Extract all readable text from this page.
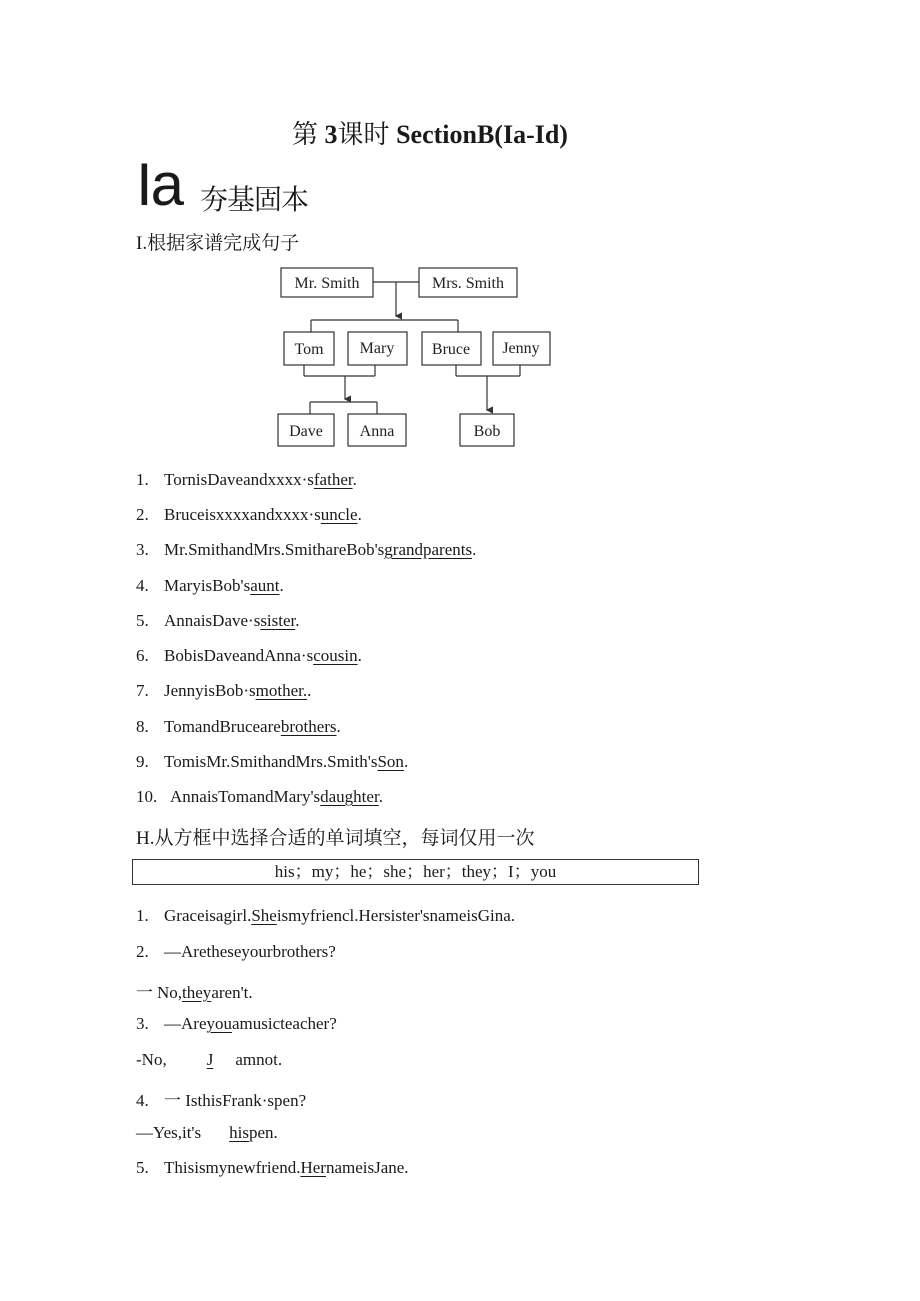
第 3课时 SectionB(Ia-Id)
Ia 夯基固本
I.根据家谱完成句子
Mr. Smith	Mrs. Smith
Tom Mary Bruce Jenny
Dave Anna	Bob
1. TornisDaveandxxxx·sfather.
2. Bruceisxxxxandxxxx·suncle.
3. Mr.SmithandMrs.SmithareBob'sgrandparents.
4. MaryisBob'saunt.
5. AnnaisDave·ssister.
6. BobisDaveandAnna·scousin.
7. JennyisBob·smother..
8. TomandBrucearebrothers.
9. TomisMr.SmithandMrs.Smith'sSon.
10. AnnaisTomandMary'sdaughter.
H.从方框中选择合适的单词填空，每词仅用一次
his；my；he；she；her；they；I；you
1. Graceisagirl.Sheismyfriencl.Hersister'snameisGina.
2. —Aretheseyourbrothers?
一 No,theyaren't.
3. —Areyouamusicteacher?
-No, J amnot.
4. 一 IsthisFrank·spen?
—Yes,it's hispen.
5. Thisismynewfriend.HernameisJane.
